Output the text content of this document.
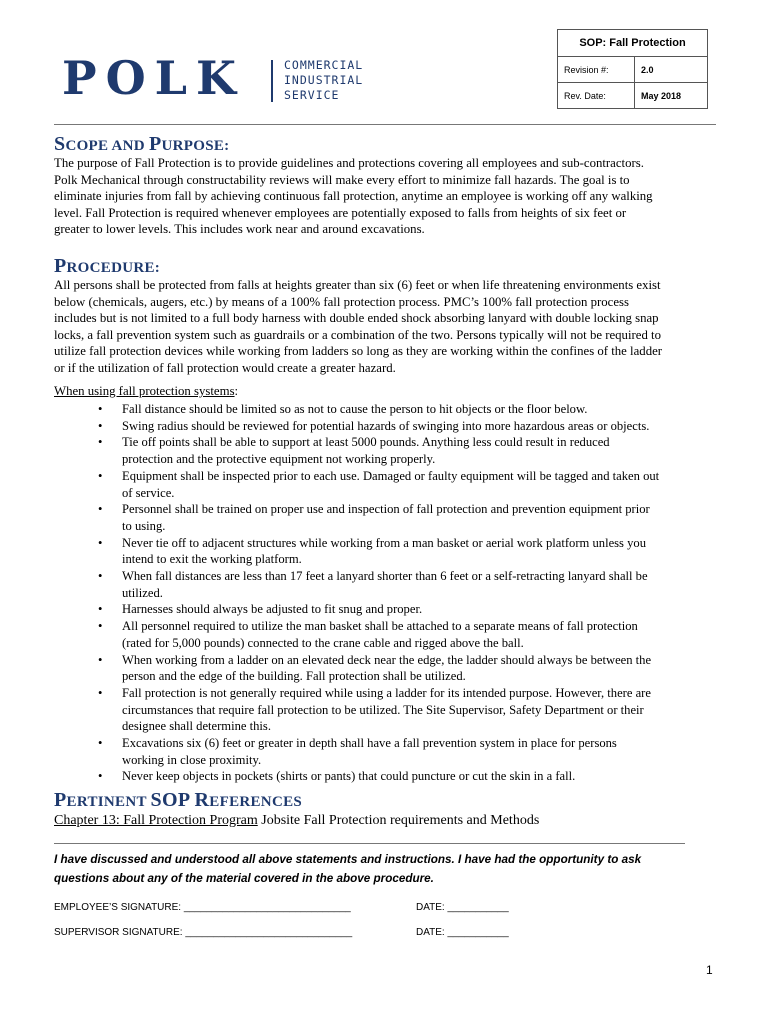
POLK	COMMERCIAL
INDUSTRIAL
SERVICE
SOP: Fall Protection	
Revision #:	2.0
Rev. Date:	May 2018
SCOPE AND PURPOSE:
The purpose of Fall Protection is to provide guidelines and protections covering all employees and sub-contractors.
Polk Mechanical through constructability reviews will make every effort to minimize fall hazards. The goal is to
eliminate injuries from fall by achieving continuous fall protection, anytime an employee is working off any walking
level. Fall Protection is required whenever employees are potentially exposed to falls from heights of six feet or
greater to lower levels. This includes work near and around excavations.
PROCEDURE:
All persons shall be protected from falls at heights greater than six (6) feet or when life threatening environments exist
below (chemicals, augers, etc.) by means of a 100% fall protection process. PMC’s 100% fall protection process
includes but is not limited to a full body harness with double ended shock absorbing lanyard with double locking snap
locks, a fall prevention system such as guardrails or a combination of the two. Persons typically will not be required to
utilize fall protection devices while working from ladders so long as they are working within the confines of the ladder
or if the utilization of fall protection would create a greater hazard.
When using fall protection systems:
• Fall distance should be limited so as not to cause the person to hit objects or the floor below.
• Swing radius should be reviewed for potential hazards of swinging into more hazardous areas or objects.
• Tie off points shall be able to support at least 5000 pounds. Anything less could result in reduced
protection and the protective equipment not working properly.
• Equipment shall be inspected prior to each use. Damaged or faulty equipment will be tagged and taken out
of service.
• Personnel shall be trained on proper use and inspection of fall protection and prevention equipment prior
to using.
• Never tie off to adjacent structures while working from a man basket or aerial work platform unless you
intend to exit the working platform.
• When fall distances are less than 17 feet a lanyard shorter than 6 feet or a self-retracting lanyard shall be
utilized.
• Harnesses should always be adjusted to fit snug and proper.
• All personnel required to utilize the man basket shall be attached to a separate means of fall protection
(rated for 5,000 pounds) connected to the crane cable and rigged above the ball.
• When working from a ladder on an elevated deck near the edge, the ladder should always be between the
person and the edge of the building. Fall protection shall be utilized.
• Fall protection is not generally required while using a ladder for its intended purpose. However, there are
circumstances that require fall protection to be utilized. The Site Supervisor, Safety Department or their
designee shall determine this.
• Excavations six (6) feet or greater in depth shall have a fall prevention system in place for persons
working in close proximity.
• Never keep objects in pockets (shirts or pants) that could puncture or cut the skin in a fall.
PERTINENT SOP REFERENCES
Chapter 13: Fall Protection Program Jobsite Fall Protection requirements and Methods
I have discussed and understood all above statements and instructions. I have had the opportunity to ask
questions about any of the material covered in the above procedure.
EMPLOYEE’S SIGNATURE: ______________________________	DATE: ___________
SUPERVISOR SIGNATURE: ______________________________	DATE: ___________
1
